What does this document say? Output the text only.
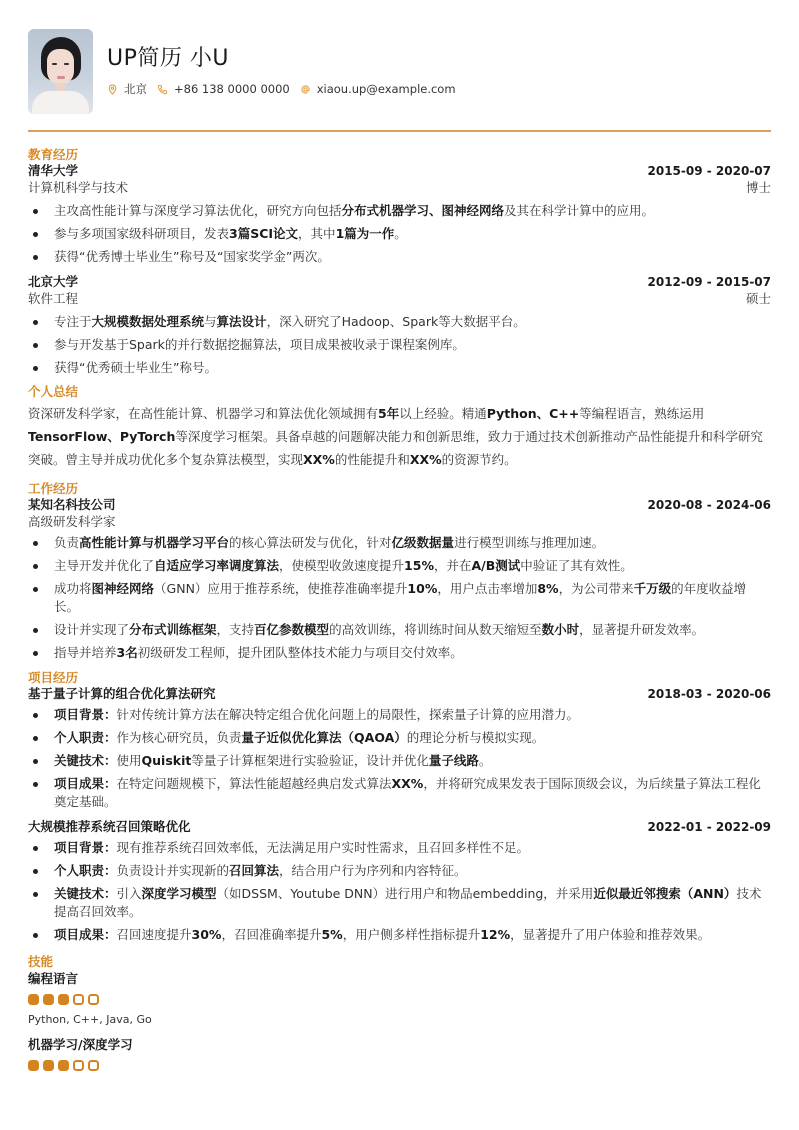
UP简历 小U
北京 +86 138 0000 0000 xiaou.up@example.com
教育经历
清华大学	2015-09 - 2020-07
计算机科学与技术	博士
主攻高性能计算与深度学习算法优化，研究方向包括分布式机器学习、图神经网络及其在科学计算中的应用。
参与多项国家级科研项目，发表3篇SCI论文，其中1篇为一作。
获得“优秀博士毕业生”称号及“国家奖学金”两次。
北京大学	2012-09 - 2015-07
软件工程	硕士
专注于大规模数据处理系统与算法设计，深入研究了Hadoop、Spark等大数据平台。
参与开发基于Spark的并行数据挖掘算法，项目成果被收录于课程案例库。
获得“优秀硕士毕业生”称号。
个人总结
资深研发科学家，在高性能计算、机器学习和算法优化领域拥有5年以上经验。精通Python、C++等编程语言，熟练运用
TensorFlow、PyTorch等深度学习框架。具备卓越的问题解决能力和创新思维，致力于通过技术创新推动产品性能提升和科学研究突破。曾主导并成功优化多个复杂算法模型，实现XX%的性能提升和XX%的资源节约。
工作经历
某知名科技公司	2020-08 - 2024-06
高级研发科学家
负责高性能计算与机器学习平台的核心算法研发与优化，针对亿级数据量进行模型训练与推理加速。
主导开发并优化了自适应学习率调度算法，使模型收敛速度提升15%，并在A/B测试中验证了其有效性。
成功将图神经网络（GNN）应用于推荐系统，使推荐准确率提升10%，用户点击率增加8%，为公司带来千万级的年度收益增长。
设计并实现了分布式训练框架，支持百亿参数模型的高效训练，将训练时间从数天缩短至数小时，显著提升研发效率。
指导并培养3名初级研发工程师，提升团队整体技术能力与项目交付效率。
项目经历
基于量子计算的组合优化算法研究	2018-03 - 2020-06
项目背景：针对传统计算方法在解决特定组合优化问题上的局限性，探索量子计算的应用潜力。
个人职责：作为核心研究员，负责量子近似优化算法（QAOA）的理论分析与模拟实现。
关键技术：使用Quiskit等量子计算框架进行实验验证，设计并优化量子线路。
项目成果：在特定问题规模下，算法性能超越经典启发式算法XX%，并将研究成果发表于国际顶级会议，为后续量子算法工程化奠定基础。
大规模推荐系统召回策略优化	2022-01 - 2022-09
项目背景：现有推荐系统召回效率低，无法满足用户实时性需求，且召回多样性不足。
个人职责：负责设计并实现新的召回算法，结合用户行为序列和内容特征。
关键技术：引入深度学习模型（如DSSM、Youtube DNN）进行用户和物品embedding，并采用近似最近邻搜索（ANN）技术提高召回效率。
项目成果：召回速度提升30%，召回准确率提升5%，用户侧多样性指标提升12%，显著提升了用户体验和推荐效果。
技能
编程语言
Python, C++, Java, Go
机器学习/深度学习
